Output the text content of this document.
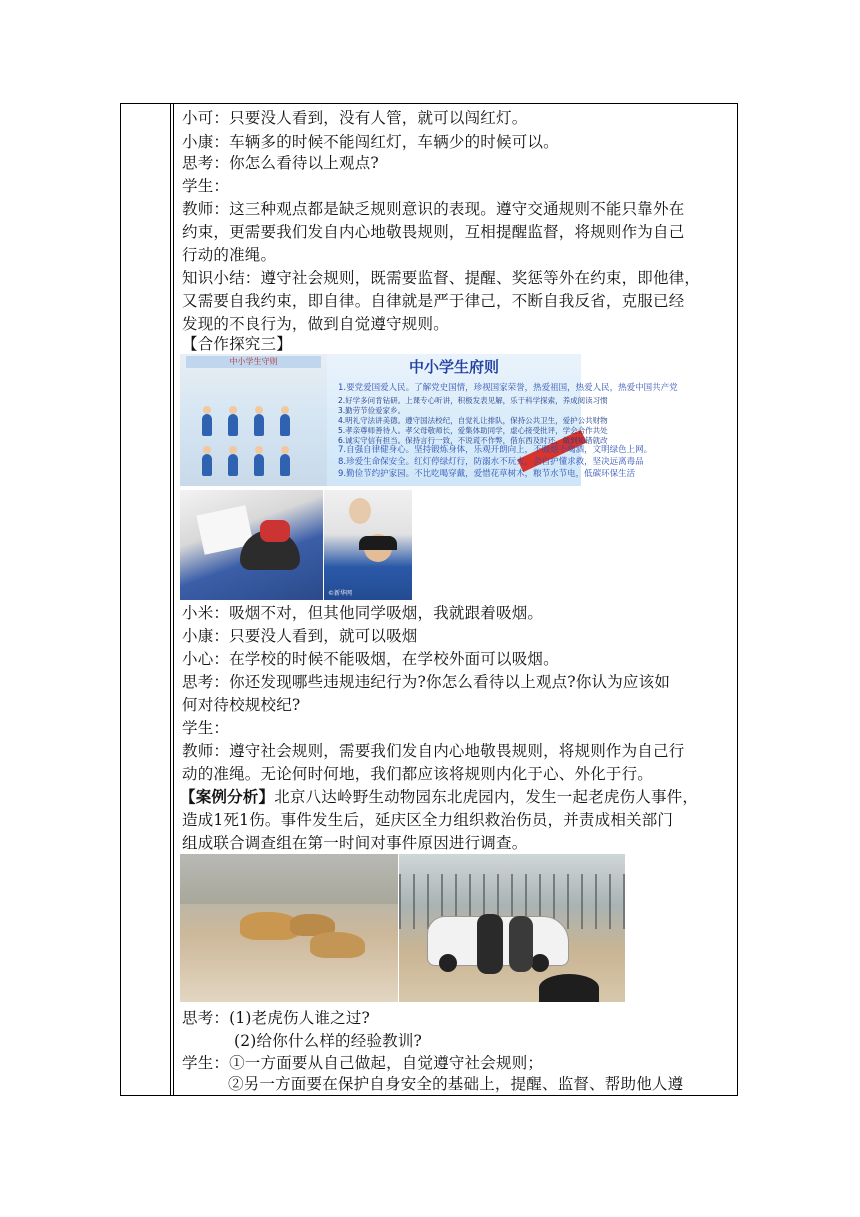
小可：只要没人看到，没有人管，就可以闯红灯。
小康：车辆多的时候不能闯红灯，车辆少的时候可以。
思考：你怎么看待以上观点?
学生：
教师：这三种观点都是缺乏规则意识的表现。遵守交通规则不能只靠外在
约束，更需要我们发自内心地敬畏规则，互相提醒监督，将规则作为自己
行动的准绳。
知识小结：遵守社会规则，既需要监督、提醒、奖惩等外在约束，即他律，
又需要自我约束，即自律。自律就是严于律己，不断自我反省，克服已经
发现的不良行为，做到自觉遵守规则。
【合作探究三】
中小学生守则	中小学生府则
1.要党爱国爱人民。了解党史国情，珍视国家荣誉，热爱祖国，热爱人民，热爱中国共产党
2.好学多问肯钻研。上课专心听讲，积极发表见解，乐于科学探索，养成阅读习惯
3.勤劳节俭爱家乡。
4.明礼守法讲美德。遵守国法校纪，自觉礼让排队，保持公共卫生，爱护公共财物
5.孝亲尊师善待人。孝父母敬师长，爱集体助同学，虚心接受批评，学会合作共处
6.诚实守信有担当。保持言行一致，不说谎不作弊，借东西及时还，做到知错就改
7.自强自律健身心。坚持锻炼身体，乐观开朗向上，不吸烟不喝酒，文明绿色上网。
8.珍爱生命保安全。红灯停绿灯行，防溺水不玩火，会自护懂求救，坚决远离毒品
9.勤俭节约护家园。不比吃喝穿戴，爱惜花草树木，粮节水节电，低碳环保生活
©新华网
小米：吸烟不对，但其他同学吸烟，我就跟着吸烟。
小康：只要没人看到，就可以吸烟
小心：在学校的时候不能吸烟，在学校外面可以吸烟。
思考：你还发现哪些违规违纪行为?你怎么看待以上观点?你认为应该如
何对待校规校纪?
学生：
教师：遵守社会规则，需要我们发自内心地敬畏规则，将规则作为自己行
动的准绳。无论何时何地，我们都应该将规则内化于心、外化于行。
【案例分析】北京八达岭野生动物园东北虎园内，发生一起老虎伤人事件，
造成1死1伤。事件发生后，延庆区全力组织救治伤员，并责成相关部门
组成联合调查组在第一时间对事件原因进行调查。
思考：(1)老虎伤人谁之过?
(2)给你什么样的经验教训?
学生：①一方面要从自己做起，自觉遵守社会规则；
②另一方面要在保护自身安全的基础上，提醒、监督、帮助他人遵
